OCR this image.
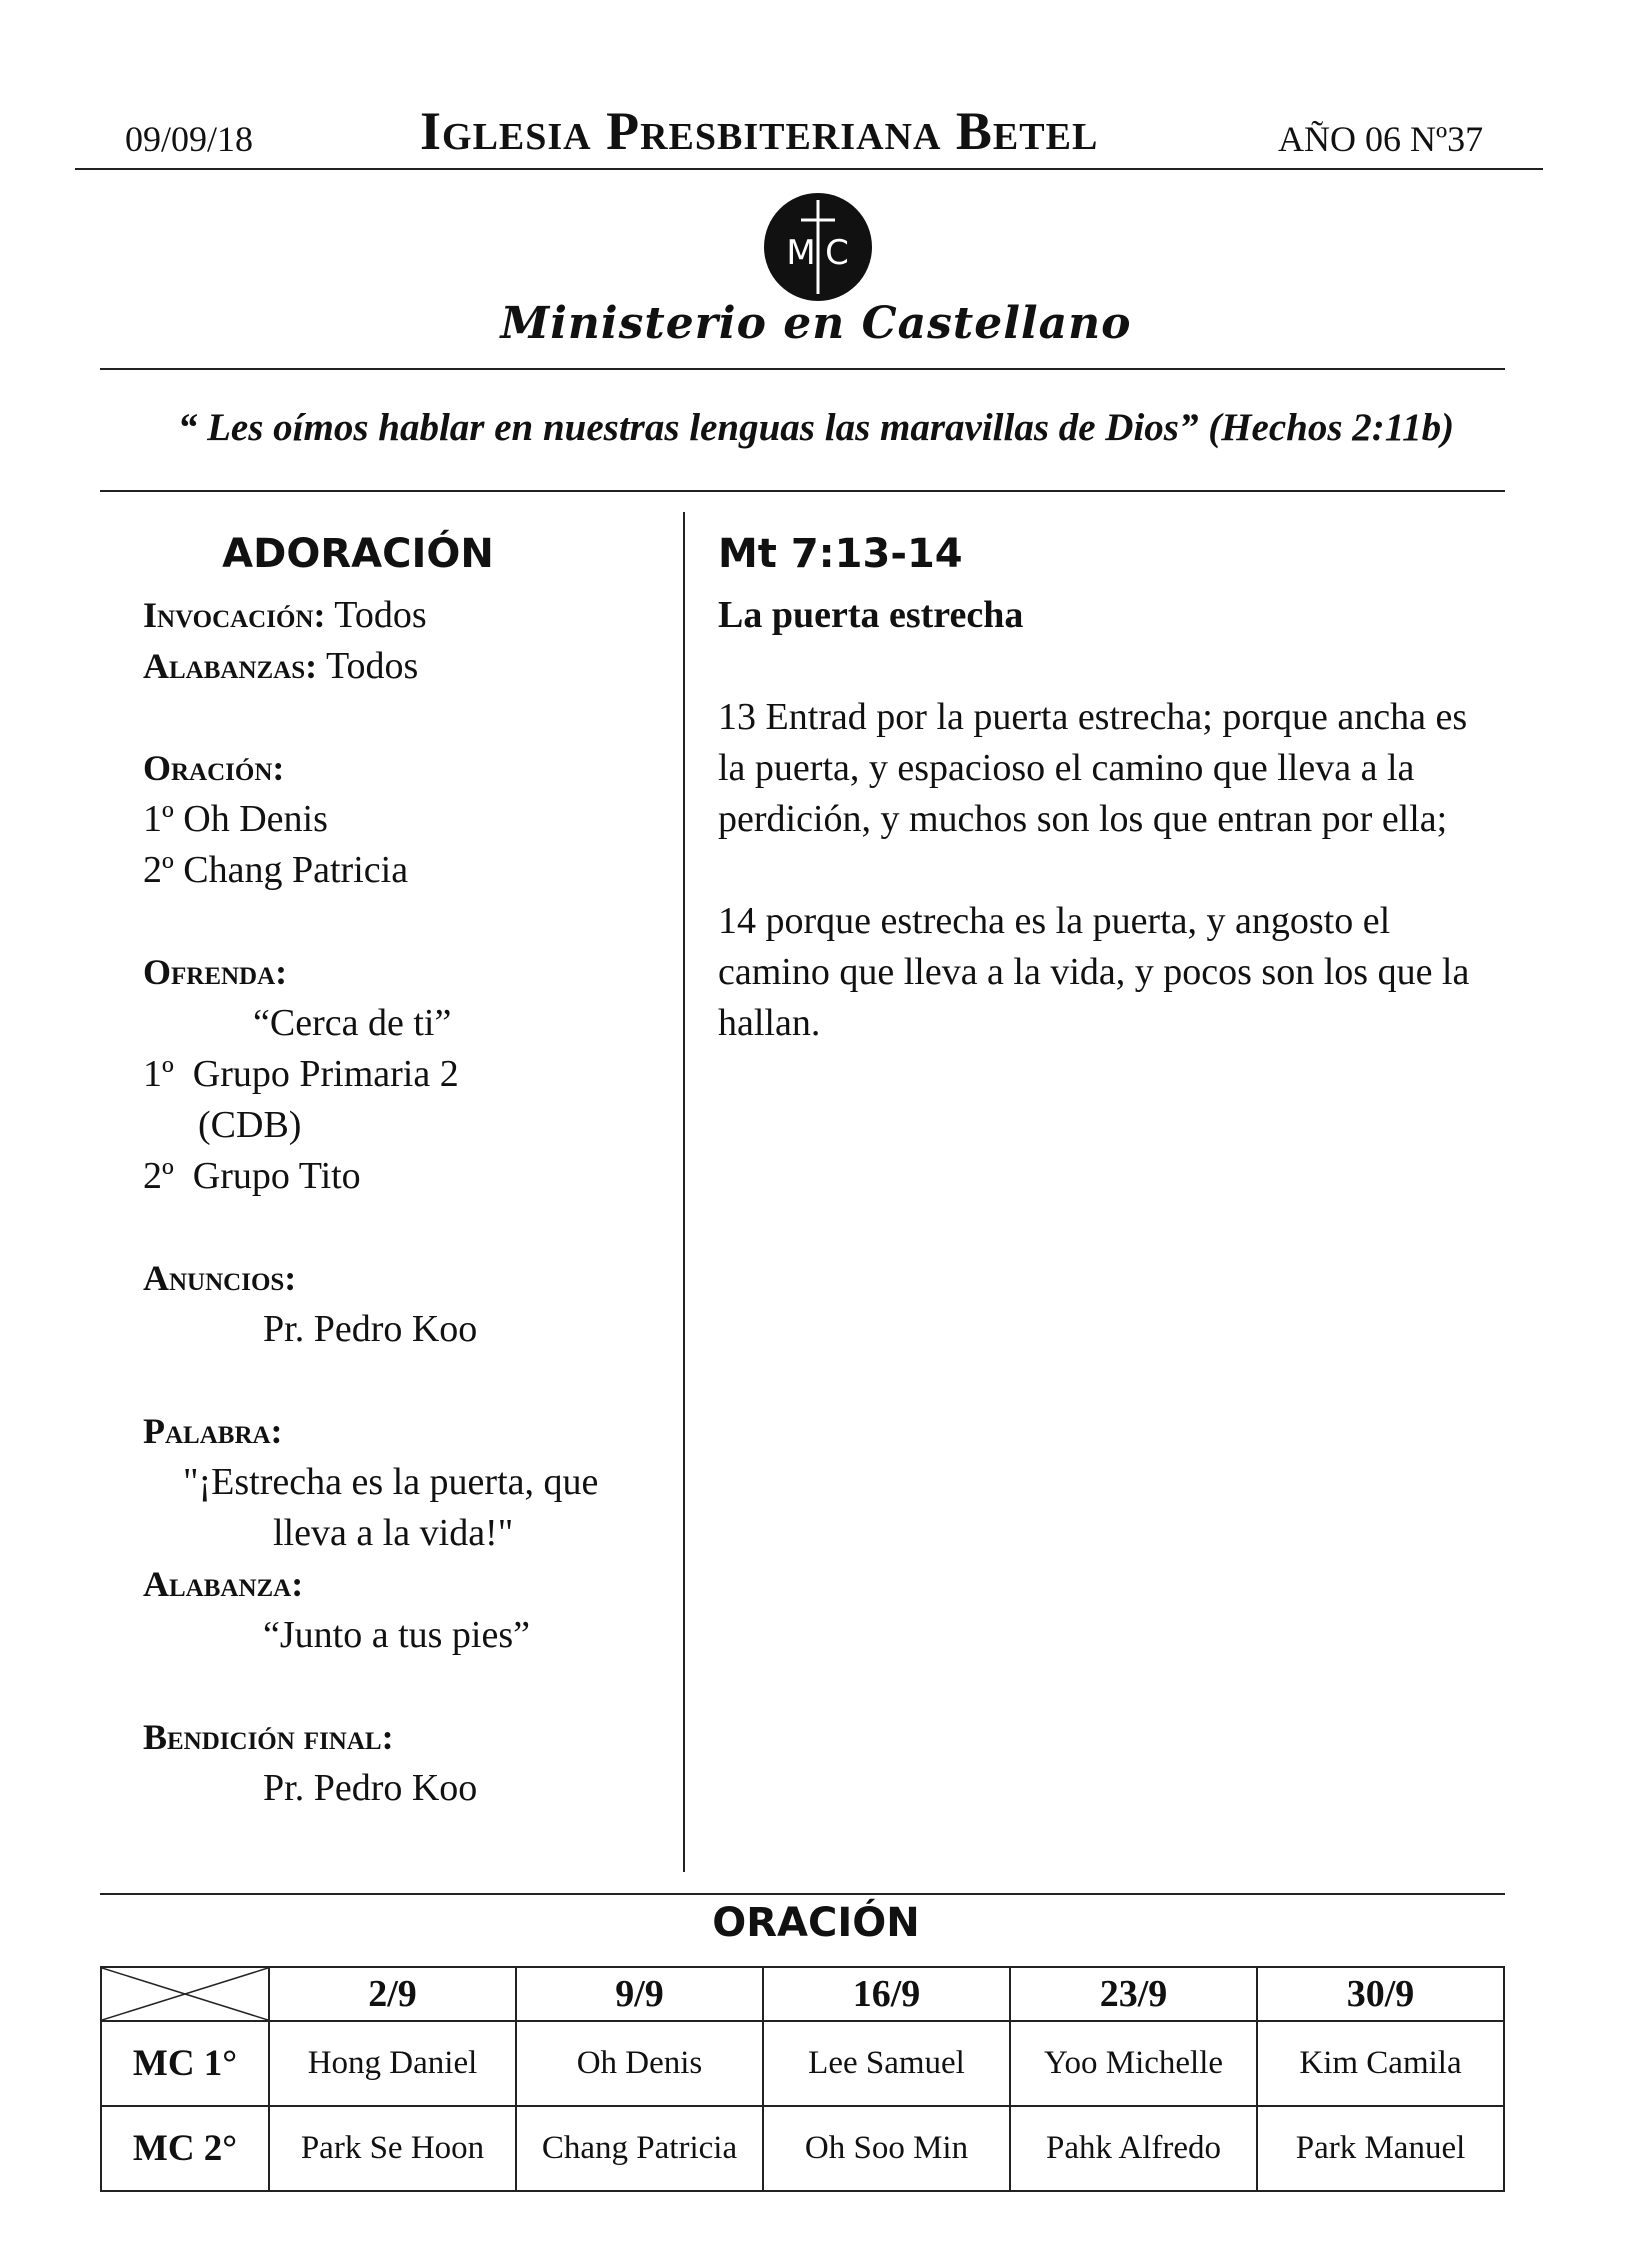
09/09/18	Iglesia Presbiteriana Betel	AÑO 06 Nº37
M C
Ministerio en Castellano
“ Les oímos hablar en nuestras lenguas las maravillas de Dios” (Hechos 2:11b)
ADORACIÓN
Invocación: Todos
Alabanzas: Todos
Oración:
1º Oh Denis
2º Chang Patricia
Ofrenda:
“Cerca de ti”
1º  Grupo Primaria 2
(CDB)
2º  Grupo Tito
Anuncios:
Pr. Pedro Koo
Palabra:
"¡Estrecha es la puerta, que
lleva a la vida!"
Alabanza:
“Junto a tus pies”
Bendición final:
Pr. Pedro Koo
Mt 7:13-14
La puerta estrecha

13 Entrad por la puerta estrecha; porque ancha es la puerta, y espacioso el camino que lleva a la perdición, y muchos son los que entran por ella;

14 porque estrecha es la puerta, y angosto el camino que lleva a la vida, y pocos son los que la hallan.

ORACIÓN
	2/9	9/9	16/9	23/9	30/9
MC 1°	Hong Daniel	Oh Denis	Lee Samuel	Yoo Michelle	Kim Camila
MC 2°	Park Se Hoon	Chang Patricia	Oh Soo Min	Pahk Alfredo	Park Manuel
